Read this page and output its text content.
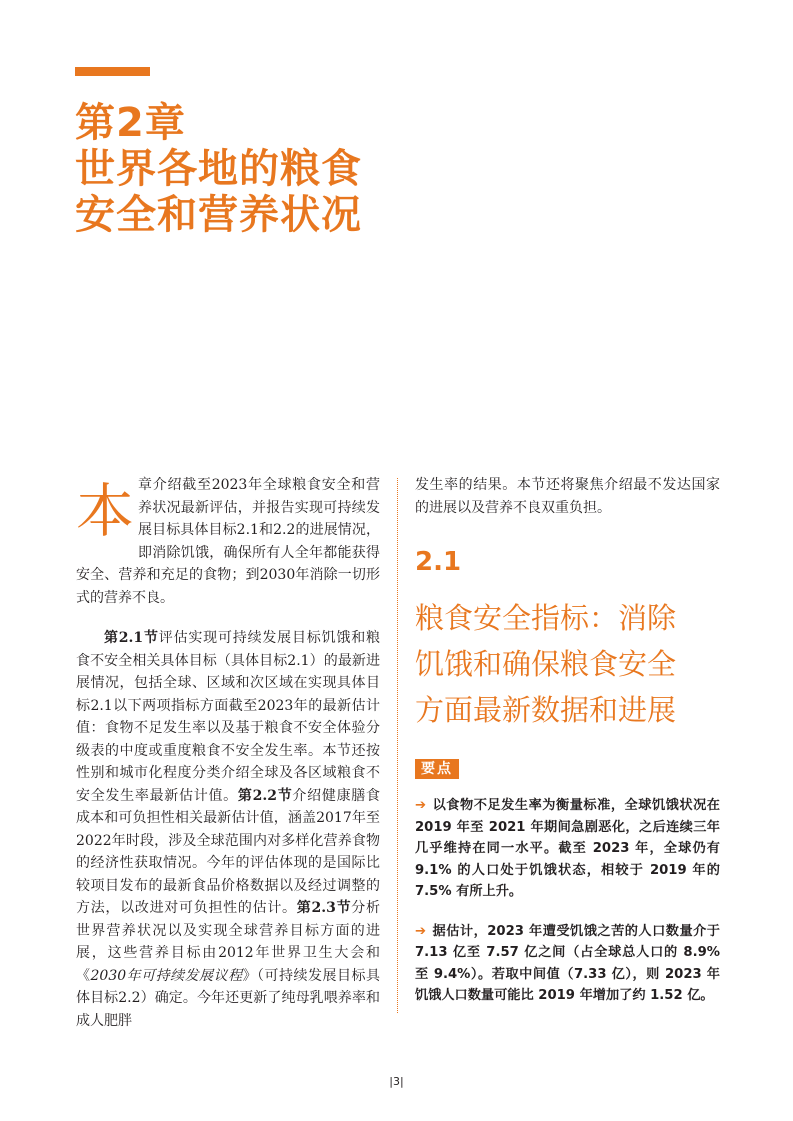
第2章
世界各地的粮食
安全和营养状况

本章介绍截至2023年全球粮食安全和营养状况最新评估，并报告实现可持续发展目标具体目标2.1和2.2的进展情况，即消除饥饿，确保所有人全年都能获得安全、营养和充足的食物；到2030年消除一切形式的营养不良。

第2.1节评估实现可持续发展目标饥饿和粮食不安全相关具体目标（具体目标2.1）的最新进展情况，包括全球、区域和次区域在实现具体目标2.1以下两项指标方面截至2023年的最新估计值：食物不足发生率以及基于粮食不安全体验分级表的中度或重度粮食不安全发生率。本节还按性别和城市化程度分类介绍全球及各区域粮食不安全发生率最新估计值。第2.2节介绍健康膳食成本和可负担性相关最新估计值，涵盖2017年至2022年时段，涉及全球范围内对多样化营养食物的经济性获取情况。今年的评估体现的是国际比较项目发布的最新食品价格数据以及经过调整的方法，以改进对可负担性的估计。第2.3节分析世界营养状况以及实现全球营养目标方面的进展，这些营养目标由2012年世界卫生大会和《2030年可持续发展议程》（可持续发展目标具体目标2.2）确定。今年还更新了纯母乳喂养率和成人肥胖

发生率的结果。本节还将聚焦介绍最不发达国家的进展以及营养不良双重负担。

2.1
粮食安全指标：消除
饥饿和确保粮食安全
方面最新数据和进展
要点

➔ 以食物不足发生率为衡量标准，全球饥饿状况在 2019 年至 2021 年期间急剧恶化，之后连续三年几乎维持在同一水平。截至 2023 年，全球仍有 9.1% 的人口处于饥饿状态，相较于 2019 年的 7.5% 有所上升。

➔ 据估计，2023 年遭受饥饿之苦的人口数量介于 7.13 亿至 7.57 亿之间（占全球总人口的 8.9% 至 9.4%）。若取中间值（7.33 亿），则 2023 年饥饿人口数量可能比 2019 年增加了约 1.52 亿。

|3|
